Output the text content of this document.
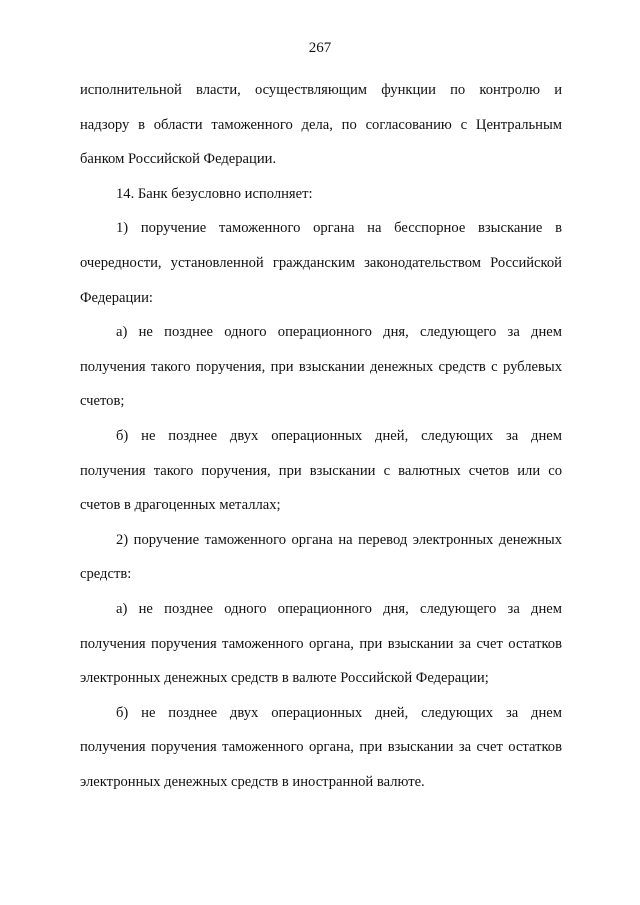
267

исполнительной власти, осуществляющим функции по контролю и
надзору в области таможенного дела, по согласованию с Центральным
банком Российской Федерации.

14. Банк безусловно исполняет:

1) поручение таможенного органа на бесспорное взыскание в
очередности, установленной гражданским законодательством Российской
Федерации:

а) не позднее одного операционного дня, следующего за днем
получения такого поручения, при взыскании денежных средств с рублевых
счетов;

б) не позднее двух операционных дней, следующих за днем
получения такого поручения, при взыскании с валютных счетов или со
счетов в драгоценных металлах;

2) поручение таможенного органа на перевод электронных денежных
средств:

а) не позднее одного операционного дня, следующего за днем
получения поручения таможенного органа, при взыскании за счет остатков
электронных денежных средств в валюте Российской Федерации;

б) не позднее двух операционных дней, следующих за днем
получения поручения таможенного органа, при взыскании за счет остатков
электронных денежных средств в иностранной валюте.
